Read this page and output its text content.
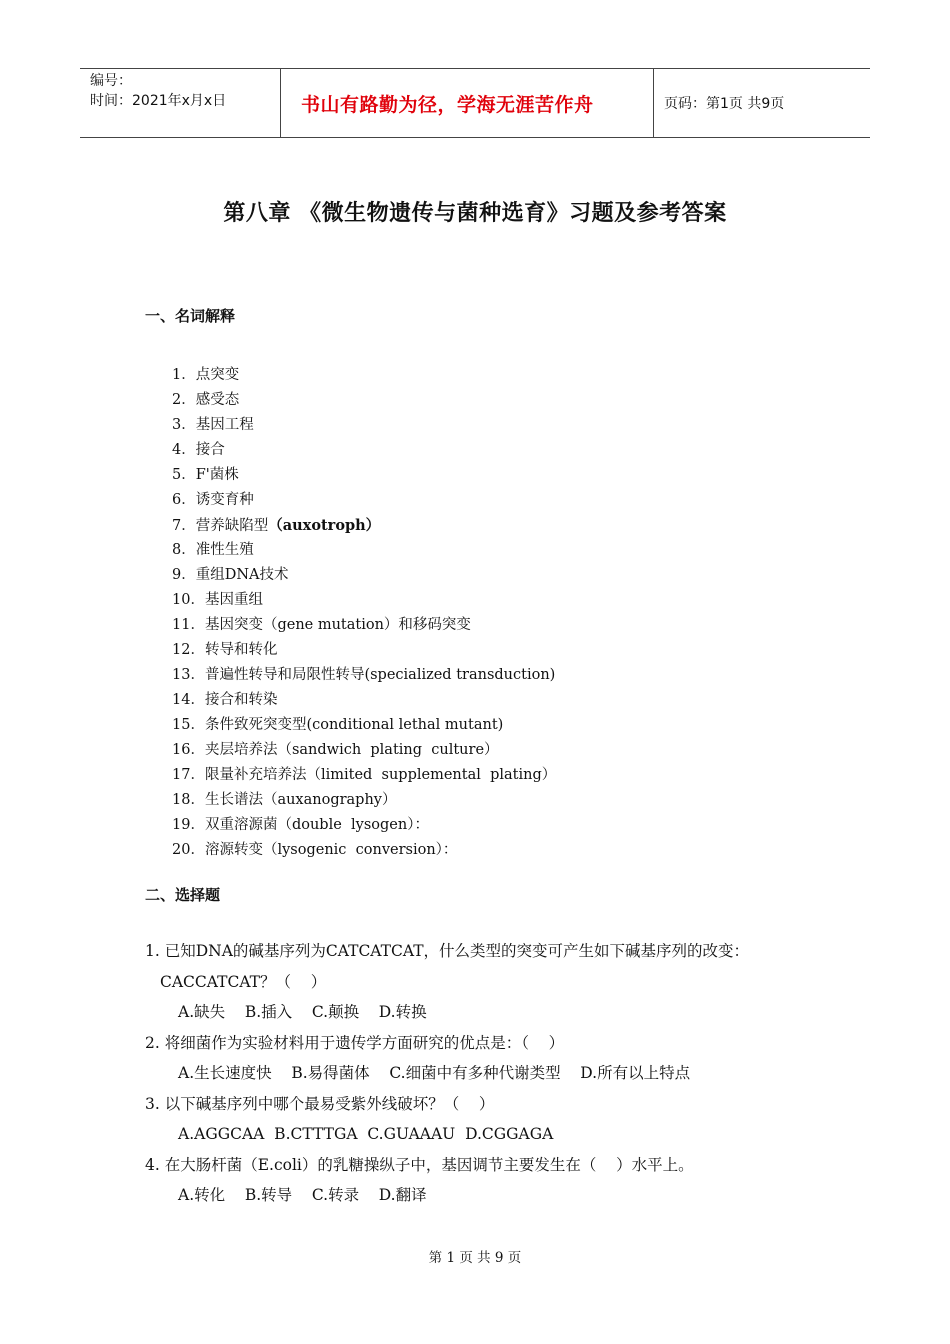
编号：
时间：2021年x月x日	书山有路勤为径，学海无涯苦作舟	页码：第1页 共9页
第八章 《微生物遗传与菌种选育》习题及参考答案
一、名词解释
1．点突变
2．感受态
3．基因工程
4．接合
5．F'菌株
6．诱变育种
7．营养缺陷型（auxotroph）
8．准性生殖
9．重组DNA技术
10．基因重组
11．基因突变（gene mutation）和移码突变
12．转导和转化
13．普遍性转导和局限性转导(specialized transduction)
14．接合和转染
15．条件致死突变型(conditional lethal mutant)
16．夹层培养法（sandwich  plating  culture）
17．限量补充培养法（limited  supplemental  plating）
18．生长谱法（auxanography）
19．双重溶源菌（double  lysogen）：
20．溶源转变（lysogenic  conversion）：
二、选择题
1. 已知DNA的碱基序列为CATCATCAT，什么类型的突变可产生如下碱基序列的改变：
CACCATCAT？（    ）
A.缺失    B.插入    C.颠换    D.转换
2. 将细菌作为实验材料用于遗传学方面研究的优点是：（    ）
A.生长速度快    B.易得菌体    C.细菌中有多种代谢类型    D.所有以上特点
3. 以下碱基序列中哪个最易受紫外线破坏？（    ）
A.AGGCAA  B.CTTTGA  C.GUAAAU  D.CGGAGA
4. 在大肠杆菌（E.coli）的乳糖操纵子中，基因调节主要发生在（    ）水平上。
A.转化    B.转导    C.转录    D.翻译
第 1 页 共 9 页
